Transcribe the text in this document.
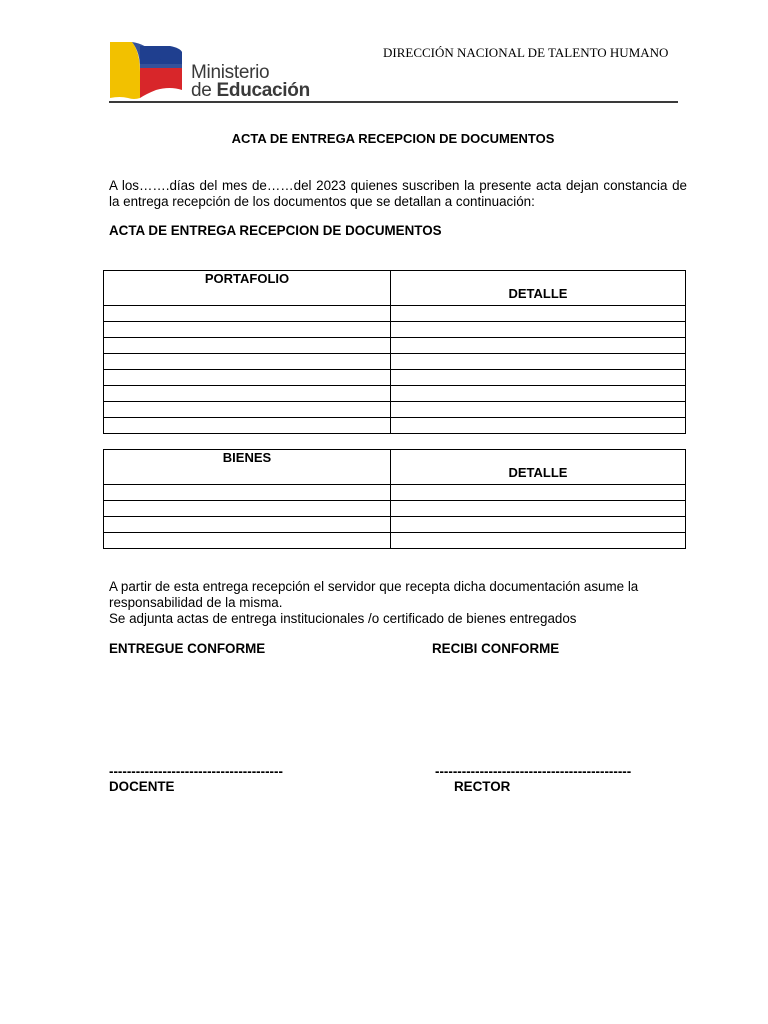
Ministerio
de Educación
DIRECCIÓN NACIONAL DE TALENTO HUMANO
ACTA DE ENTREGA RECEPCION DE DOCUMENTOS
A los…….días del mes de……del 2023 quienes suscriben la presente acta dejan constancia de la entrega recepción de los documentos que se detallan a continuación:
ACTA DE ENTREGA RECEPCION DE DOCUMENTOS
PORTAFOLIO	DETALLE

BIENES	DETALLE

A partir de esta entrega recepción el servidor que recepta dicha documentación asume la responsabilidad de la misma.
Se adjunta actas de entrega institucionales /o certificado de bienes entregados
ENTREGUE CONFORME	RECIBI CONFORME
---------------------------------------	--------------------------------------------
DOCENTE	RECTOR
